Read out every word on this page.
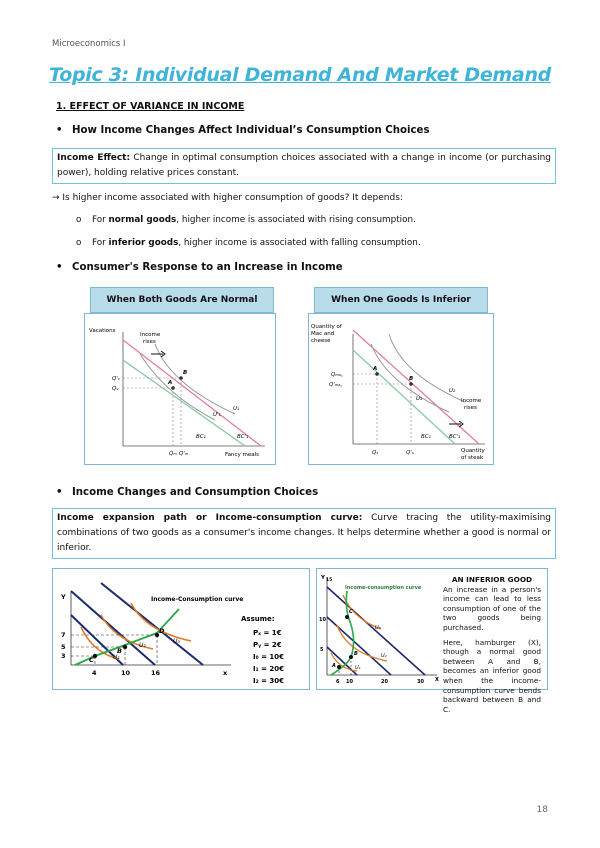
Microeconomics I
Topic 3: Individual Demand And Market Demand
1. EFFECT OF VARIANCE IN INCOME
• How Income Changes Affect Individual’s Consumption Choices
Income Effect: Change in optimal consumption choices associated with a change in income (or purchasing power), holding relative prices constant.
→ Is higher income associated with higher consumption of goods? It depends:
o For normal goods, higher income is associated with rising consumption.
o For inferior goods, higher income is associated with falling consumption.
• Consumer's Response to an Increase in Income
When Both Goods Are Normal
Vacations
Fancy meals
Income
rises
Q'ᵥ
Qᵥ
Qₘ Q'ₘ
A
B
U₁
U'₁
BC₁	BC'₁
When One Goods Is Inferior
Quantity of
Mac and
cheese
Quantity
of steak
Income
rises
Qₘₐ꜀
Q'ₘₐ꜀
Qₛ	Q'ₛ
A
B
U₁
U₂
BC₁	BC'₁
• Income Changes and Consumption Choices
Income expansion path or Income-consumption curve: Curve tracing the utility-maximising combinations of two goods as a consumer's income changes. It helps determine whether a good is normal or inferior.
Y
x
Income-Consumption curve
Assume:
Pₓ = 1€
Pᵧ = 2€
I₀ = 10€
I₁ = 20€
I₂ = 30€
7
5
3
4	10	16
C
B
D
U₁
U₂
U₃
Y 15
Income-consumption curve
10
5
6 10	20	30 X
A
B
C
U₁
U₂
U₃
AN INFERIOR GOOD
An increase in a person's income can lead to less consumption of one of the two goods being purchased.
Here, hamburger (X), though a normal good between A and B, becomes an inferior good when the income-consumption curve bends backward between B and C.
18
